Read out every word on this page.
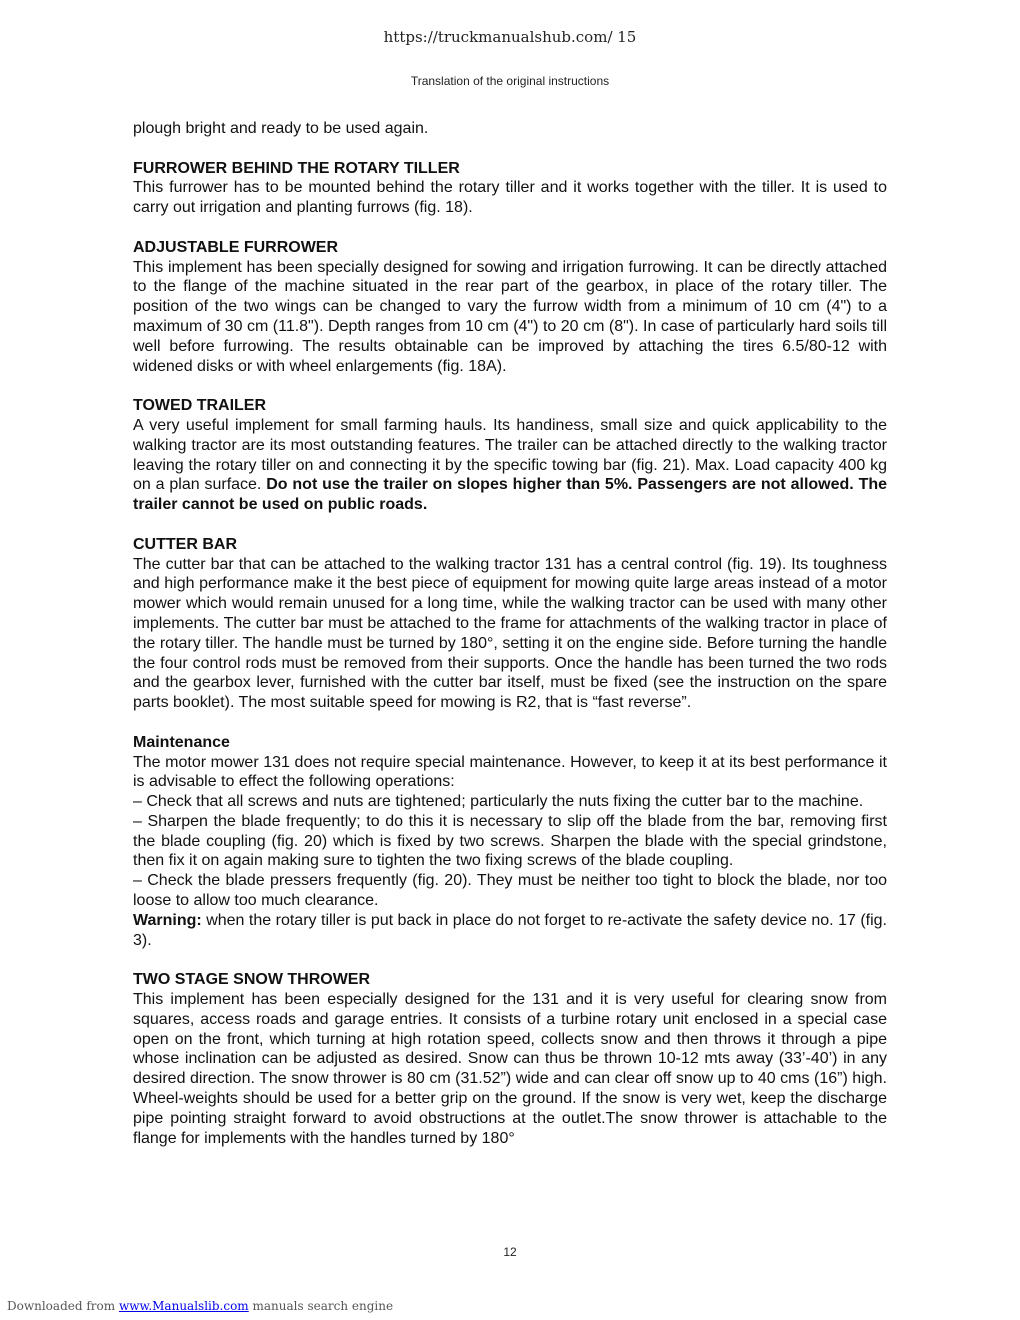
https://truckmanualshub.com/ 15
Translation of the original instructions

plough bright and ready to be used again.

FURROWER BEHIND THE ROTARY TILLER

This furrower has to be mounted behind the rotary tiller and it works together with the tiller. It is used to carry out irrigation and planting furrows (fig. 18).

ADJUSTABLE FURROWER

This implement has been specially designed for sowing and irrigation furrowing. It can be directly attached to the flange of the machine situated in the rear part of the gearbox, in place of the rotary tiller. The position of the two wings can be changed to vary the furrow width from a minimum of 10 cm (4") to a maximum of 30 cm (11.8"). Depth ranges from 10 cm (4") to 20 cm (8"). In case of particularly hard soils till well before furrowing. The results obtainable can be improved by attaching the tires 6.5/80-12 with widened disks or with wheel enlargements (fig. 18A).

TOWED TRAILER

A very useful implement for small farming hauls. Its handiness, small size and quick applicability to the walking tractor are its most outstanding features. The trailer can be attached directly to the walking tractor leaving the rotary tiller on and connecting it by the specific towing bar (fig. 21). Max. Load capacity 400 kg on a plan surface. Do not use the trailer on slopes higher than 5%. Passengers are not allowed. The trailer cannot be used on public roads.

CUTTER BAR

The cutter bar that can be attached to the walking tractor 131 has a central control (fig. 19). Its toughness and high performance make it the best piece of equipment for mowing quite large areas instead of a motor mower which would remain unused for a long time, while the walking tractor can be used with many other implements. The cutter bar must be attached to the frame for attachments of the walking tractor in place of the rotary tiller. The handle must be turned by 180°, setting it on the engine side. Before turning the handle the four control rods must be removed from their supports. Once the handle has been turned the two rods and the gearbox lever, furnished with the cutter bar itself, must be fixed (see the instruction on the spare parts booklet). The most suitable speed for mowing is R2, that is “fast reverse”.

Maintenance

The motor mower 131 does not require special maintenance. However, to keep it at its best performance it is advisable to effect the following operations:

– Check that all screws and nuts are tightened; particularly the nuts fixing the cutter bar to the machine.

– Sharpen the blade frequently; to do this it is necessary to slip off the blade from the bar, removing first the blade coupling (fig. 20) which is fixed by two screws. Sharpen the blade with the special grindstone, then fix it on again making sure to tighten the two fixing screws of the blade coupling.

– Check the blade pressers frequently (fig. 20). They must be neither too tight to block the blade, nor too loose to allow too much clearance.

Warning: when the rotary tiller is put back in place do not forget to re-activate the safety device no. 17 (fig. 3).

TWO STAGE SNOW THROWER

This implement has been especially designed for the 131 and it is very useful for clearing snow from squares, access roads and garage entries. It consists of a turbine rotary unit enclosed in a special case open on the front, which turning at high rotation speed, collects snow and then throws it through a pipe whose inclination can be adjusted as desired. Snow can thus be thrown 10-12 mts away (33’-40’) in any desired direction. The snow thrower is 80 cm (31.52”) wide and can clear off snow up to 40 cms (16”) high. Wheel-weights should be used for a better grip on the ground. If the snow is very wet, keep the discharge pipe pointing straight forward to avoid obstructions at the outlet.The snow thrower is attachable to the flange for implements with the handles turned by 180°

12
Downloaded from www.Manualslib.com manuals search engine
